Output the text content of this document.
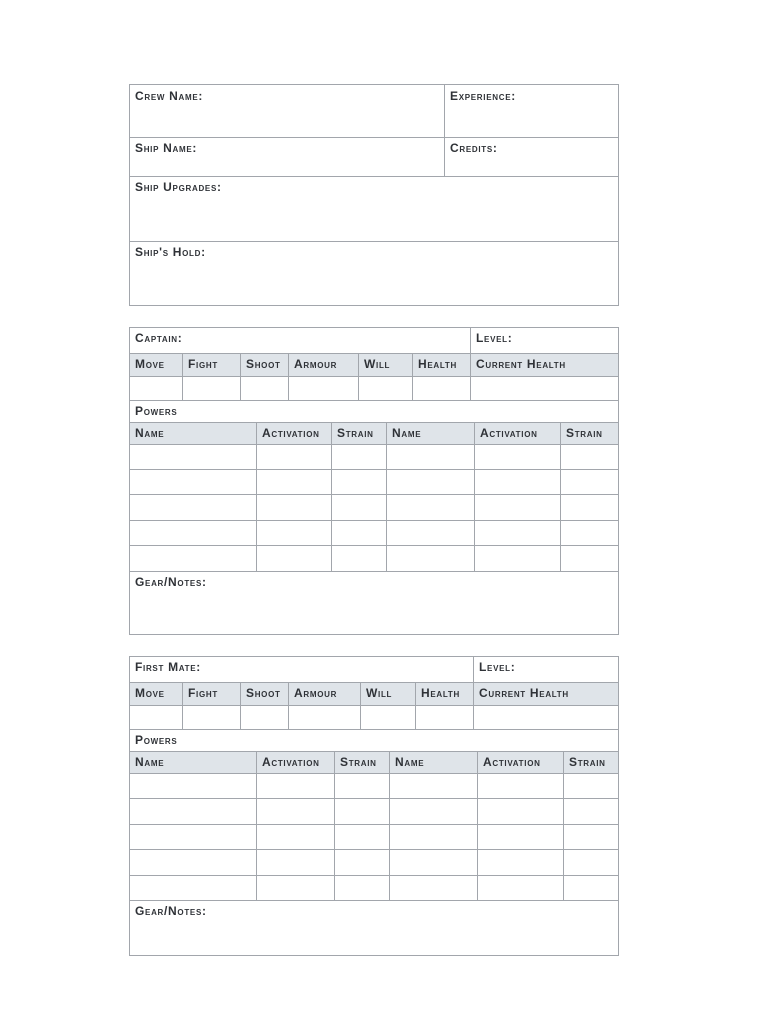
Crew Name:	Experience:
Ship Name:	Credits:
Ship Upgrades:
Ship's Hold:
Captain:	Level:
Move	Fight	Shoot	Armour	Will	Health	Current Health
Powers
Name	Activation	Strain	Name	Activation	Strain
Gear/Notes:
First Mate:	Level:
Move	Fight	Shoot	Armour	Will	Health	Current Health
Powers
Name	Activation	Strain	Name	Activation	Strain
Gear/Notes:
